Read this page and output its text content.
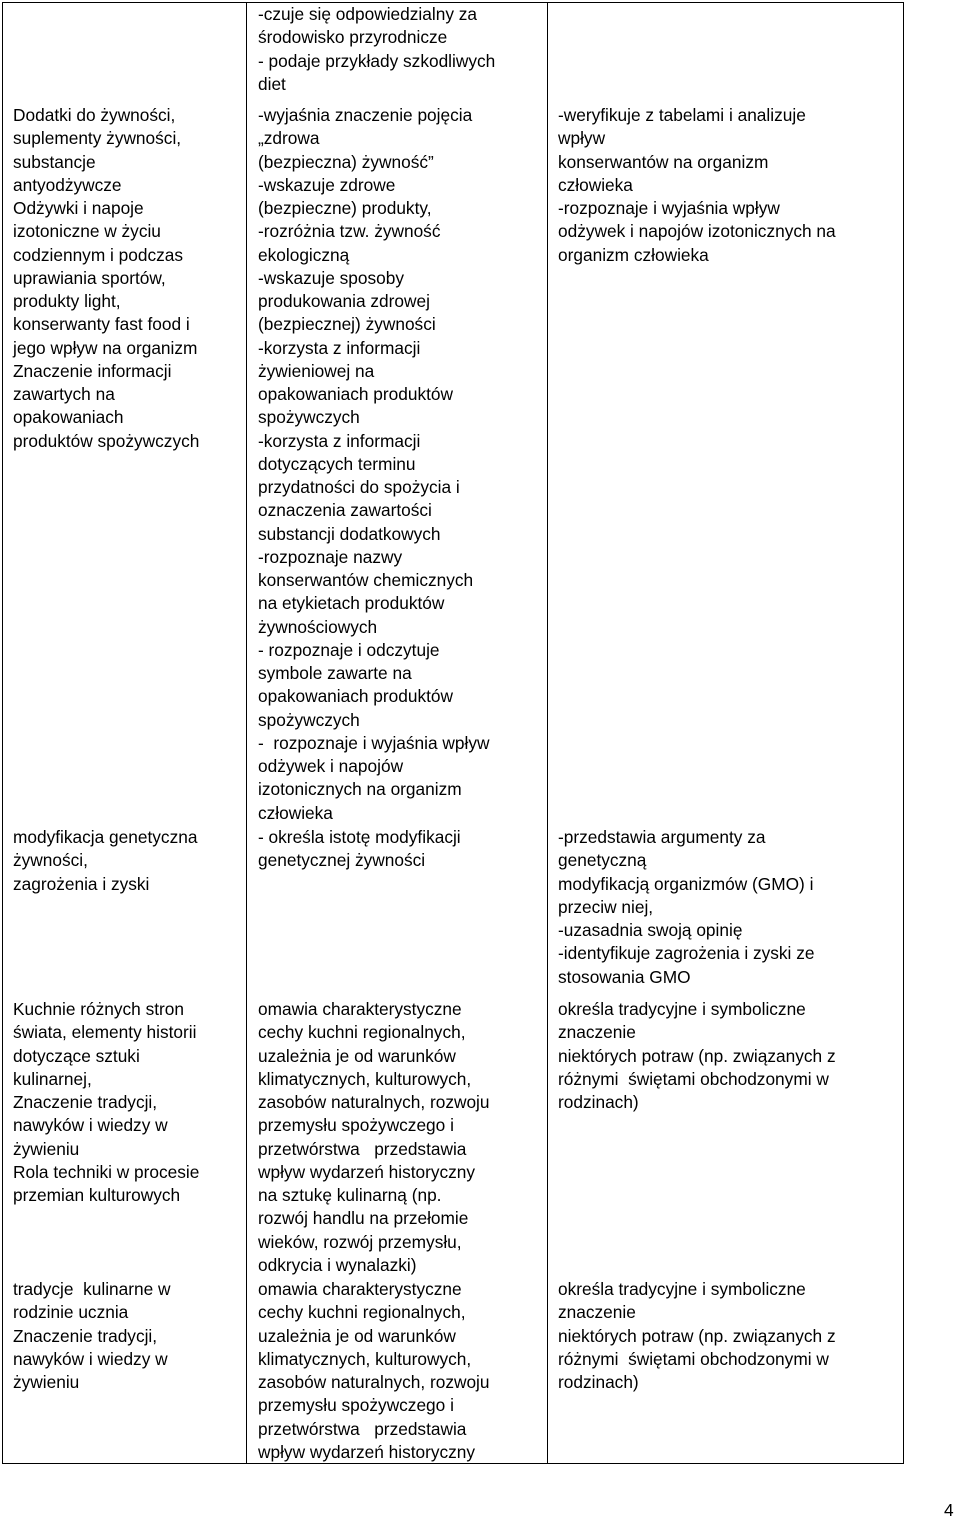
-czuje się odpowiedzialny za
środowisko przyrodnicze
- podaje przykłady szkodliwych
diet

Dodatki do żywności,
suplementy żywności,
substancje
antyodżywcze
Odżywki i napoje
izotoniczne w życiu
codziennym i podczas
uprawiania sportów,
produkty light,
konserwanty fast food i
jego wpływ na organizm
Znaczenie informacji
zawartych na
opakowaniach
produktów spożywczych

-wyjaśnia znaczenie pojęcia
„zdrowa
(bezpieczna) żywność”
-wskazuje zdrowe
(bezpieczne) produkty,
-rozróżnia tzw. żywność
ekologiczną
-wskazuje sposoby
produkowania zdrowej
(bezpiecznej) żywności
-korzysta z informacji
żywieniowej na
opakowaniach produktów
spożywczych
-korzysta z informacji
dotyczących terminu
przydatności do spożycia i
oznaczenia zawartości
substancji dodatkowych
-rozpoznaje nazwy
konserwantów chemicznych
na etykietach produktów
żywnościowych
- rozpoznaje i odczytuje
symbole zawarte na
opakowaniach produktów
spożywczych
-  rozpoznaje i wyjaśnia wpływ
odżywek i napojów
izotonicznych na organizm
człowieka

-weryfikuje z tabelami i analizuje
wpływ
konserwantów na organizm
człowieka
-rozpoznaje i wyjaśnia wpływ
odżywek i napojów izotonicznych na
organizm człowieka

modyfikacja genetyczna
żywności,
zagrożenia i zyski

- określa istotę modyfikacji
genetycznej żywności

-przedstawia argumenty za
genetyczną
modyfikacją organizmów (GMO) i
przeciw niej,
-uzasadnia swoją opinię
-identyfikuje zagrożenia i zyski ze
stosowania GMO

Kuchnie różnych stron
świata, elementy historii
dotyczące sztuki
kulinarnej,
Znaczenie tradycji,
nawyków i wiedzy w
żywieniu
Rola techniki w procesie
przemian kulturowych

omawia charakterystyczne
cechy kuchni regionalnych,
uzależnia je od warunków
klimatycznych, kulturowych,
zasobów naturalnych, rozwoju
przemysłu spożywczego i
przetwórstwa   przedstawia
wpływ wydarzeń historyczny
na sztukę kulinarną (np.
rozwój handlu na przełomie
wieków, rozwój przemysłu,
odkrycia i wynalazki)

określa tradycyjne i symboliczne
znaczenie
niektórych potraw (np. związanych z
różnymi  świętami obchodzonymi w
rodzinach)

tradycje  kulinarne w
rodzinie ucznia
Znaczenie tradycji,
nawyków i wiedzy w
żywieniu

omawia charakterystyczne
cechy kuchni regionalnych,
uzależnia je od warunków
klimatycznych, kulturowych,
zasobów naturalnych, rozwoju
przemysłu spożywczego i
przetwórstwa   przedstawia
wpływ wydarzeń historyczny

określa tradycyjne i symboliczne
znaczenie
niektórych potraw (np. związanych z
różnymi  świętami obchodzonymi w
rodzinach)

4
